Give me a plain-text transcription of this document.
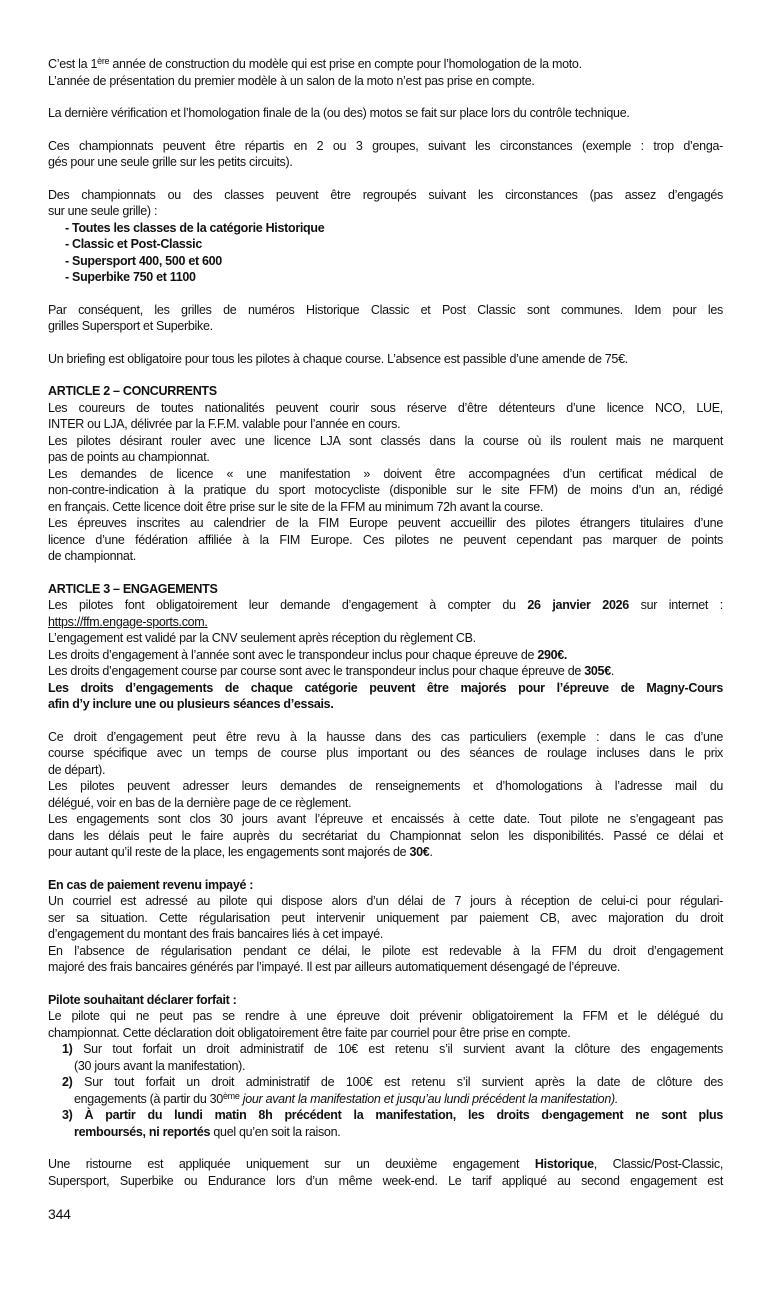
C’est la 1ère année de construction du modèle qui est prise en compte pour l’homologation de la moto.
L’année de présentation du premier modèle à un salon de la moto n’est pas prise en compte.
La dernière vérification et l’homologation finale de la (ou des) motos se fait sur place lors du contrôle technique.
Ces championnats peuvent être répartis en 2 ou 3 groupes, suivant les circonstances (exemple : trop d’enga-
gés pour une seule grille sur les petits circuits).
Des championnats ou des classes peuvent être regroupés suivant les circonstances (pas assez d’engagés
sur une seule grille) :
- Toutes les classes de la catégorie Historique
- Classic et Post-Classic
- Supersport 400, 500 et 600
- Superbike 750 et 1100
Par conséquent, les grilles de numéros Historique Classic et Post Classic sont communes. Idem pour les
grilles Supersport et Superbike.
Un briefing est obligatoire pour tous les pilotes à chaque course. L’absence est passible d’une amende de 75€.
ARTICLE 2 – CONCURRENTS
Les coureurs de toutes nationalités peuvent courir sous réserve d’être détenteurs d’une licence NCO, LUE,
INTER ou LJA, délivrée par la F.F.M. valable pour l’année en cours.
Les pilotes désirant rouler avec une licence LJA sont classés dans la course où ils roulent mais ne marquent
pas de points au championnat.
Les demandes de licence « une manifestation » doivent être accompagnées d’un certificat médical de
non-contre-indication à la pratique du sport motocycliste (disponible sur le site FFM) de moins d’un an, rédigé
en français. Cette licence doit être prise sur le site de la FFM au minimum 72h avant la course.
Les épreuves inscrites au calendrier de la FIM Europe peuvent accueillir des pilotes étrangers titulaires d’une
licence d’une fédération affiliée à la FIM Europe. Ces pilotes ne peuvent cependant pas marquer de points
de championnat.
ARTICLE 3 – ENGAGEMENTS
Les pilotes font obligatoirement leur demande d’engagement à compter du 26 janvier 2026 sur internet :
https://ffm.engage-sports.com.
L’engagement est validé par la CNV seulement après réception du règlement CB.
Les droits d’engagement à l’année sont avec le transpondeur inclus pour chaque épreuve de 290€.
Les droits d’engagement course par course sont avec le transpondeur inclus pour chaque épreuve de 305€.
Les droits d’engagements de chaque catégorie peuvent être majorés pour l’épreuve de Magny-Cours
afin d’y inclure une ou plusieurs séances d’essais.
Ce droit d’engagement peut être revu à la hausse dans des cas particuliers (exemple : dans le cas d’une
course spécifique avec un temps de course plus important ou des séances de roulage incluses dans le prix
de départ).
Les pilotes peuvent adresser leurs demandes de renseignements et d’homologations à l’adresse mail du
délégué, voir en bas de la dernière page de ce règlement.
Les engagements sont clos 30 jours avant l’épreuve et encaissés à cette date. Tout pilote ne s’engageant pas
dans les délais peut le faire auprès du secrétariat du Championnat selon les disponibilités. Passé ce délai et
pour autant qu’il reste de la place, les engagements sont majorés de 30€.
En cas de paiement revenu impayé :
Un courriel est adressé au pilote qui dispose alors d’un délai de 7 jours à réception de celui-ci pour régulari-
ser sa situation. Cette régularisation peut intervenir uniquement par paiement CB, avec majoration du droit
d’engagement du montant des frais bancaires liés à cet impayé.
En l’absence de régularisation pendant ce délai, le pilote est redevable à la FFM du droit d’engagement
majoré des frais bancaires générés par l’impayé. Il est par ailleurs automatiquement désengagé de l’épreuve.
Pilote souhaitant déclarer forfait :
Le pilote qui ne peut pas se rendre à une épreuve doit prévenir obligatoirement la FFM et le délégué du
championnat. Cette déclaration doit obligatoirement être faite par courriel pour être prise en compte.
1) Sur tout forfait un droit administratif de 10€ est retenu s’il survient avant la clôture des engagements
(30 jours avant la manifestation).
2) Sur tout forfait un droit administratif de 100€ est retenu s’il survient après la date de clôture des
engagements (à partir du 30ème jour avant la manifestation et jusqu’au lundi précédent la manifestation).
3) À partir du lundi matin 8h précédent la manifestation, les droits d›engagement ne sont plus
remboursés, ni reportés quel qu’en soit la raison.
Une ristourne est appliquée uniquement sur un deuxième engagement Historique, Classic/Post-Classic,
Supersport, Superbike ou Endurance lors d’un même week-end. Le tarif appliqué au second engagement est
344
